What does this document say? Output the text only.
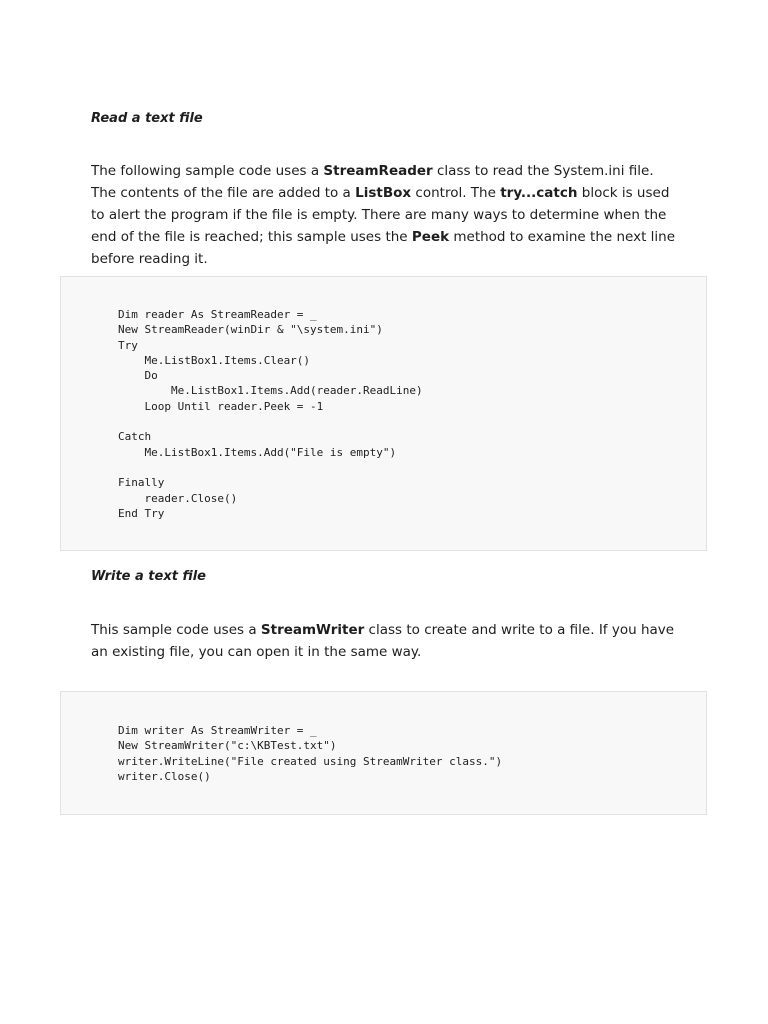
Read a text file

The following sample code uses a StreamReader class to read the System.ini file. The contents of the file are added to a ListBox control. The try...catch block is used to alert the program if the file is empty. There are many ways to determine when the end of the file is reached; this sample uses the Peek method to examine the next line before reading it.

Dim reader As StreamReader = _
New StreamReader(winDir & "\system.ini")
Try
Me.ListBox1.Items.Clear()
Do
Me.ListBox1.Items.Add(reader.ReadLine)
Loop Until reader.Peek = -1

Catch
Me.ListBox1.Items.Add("File is empty")

Finally
reader.Close()
End Try
Write a text file

This sample code uses a StreamWriter class to create and write to a file. If you have an existing file, you can open it in the same way.

Dim writer As StreamWriter = _
New StreamWriter("c:\KBTest.txt")
writer.WriteLine("File created using StreamWriter class.")
writer.Close()
